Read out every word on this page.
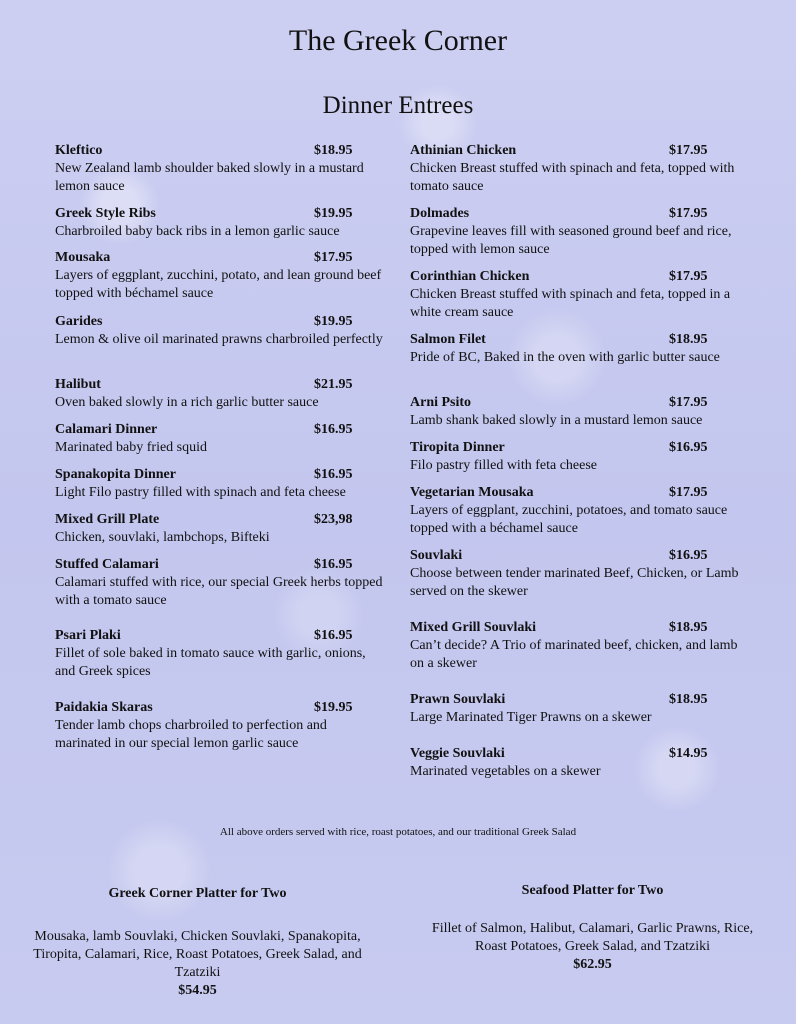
The Greek Corner
Dinner Entrees
Kleftico	$18.95
New Zealand lamb shoulder baked slowly in a mustard lemon sauce
Greek Style Ribs	$19.95
Charbroiled baby back ribs in a lemon garlic sauce
Mousaka	$17.95
Layers of eggplant, zucchini, potato, and lean ground beef topped with béchamel sauce
Garides	$19.95
Lemon & olive oil marinated prawns charbroiled perfectly
Halibut	$21.95
Oven baked slowly in a rich garlic butter sauce
Calamari Dinner	$16.95
Marinated baby fried squid
Spanakopita Dinner	$16.95
Light Filo pastry filled with spinach and feta cheese
Mixed Grill Plate	$23,98
Chicken, souvlaki, lambchops, Bifteki
Stuffed Calamari	$16.95
Calamari stuffed with rice, our special Greek herbs topped with a tomato sauce
Psari Plaki	$16.95
Fillet of sole baked in tomato sauce with garlic, onions, and Greek spices
Paidakia Skaras	$19.95
Tender lamb chops charbroiled to perfection and marinated in our special lemon garlic sauce
Athinian Chicken	$17.95
Chicken Breast stuffed with spinach and feta, topped with tomato sauce
Dolmades	$17.95
Grapevine leaves fill with seasoned ground beef and rice, topped with lemon sauce
Corinthian Chicken	$17.95
Chicken Breast stuffed with spinach and feta, topped in a white cream sauce
Salmon Filet	$18.95
Pride of BC, Baked in the oven with garlic butter sauce
Arni Psito	$17.95
Lamb shank baked slowly in a mustard lemon sauce
Tiropita Dinner	$16.95
Filo pastry filled with feta cheese
Vegetarian Mousaka	$17.95
Layers of eggplant, zucchini, potatoes, and tomato sauce topped with a béchamel sauce
Souvlaki	$16.95
Choose between tender marinated Beef, Chicken, or Lamb served on the skewer
Mixed Grill Souvlaki	$18.95
Can’t decide? A Trio of marinated beef, chicken, and lamb on a skewer
Prawn Souvlaki	$18.95
Large Marinated Tiger Prawns on a skewer
Veggie Souvlaki	$14.95
Marinated vegetables on a skewer
All above orders served with rice, roast potatoes, and our traditional Greek Salad
Greek Corner Platter for Two
Mousaka, lamb Souvlaki, Chicken Souvlaki, Spanakopita, Tiropita, Calamari, Rice, Roast Potatoes, Greek Salad, and Tzatziki
$54.95
Seafood Platter for Two
Fillet of Salmon, Halibut, Calamari, Garlic Prawns, Rice, Roast Potatoes, Greek Salad, and Tzatziki
$62.95
